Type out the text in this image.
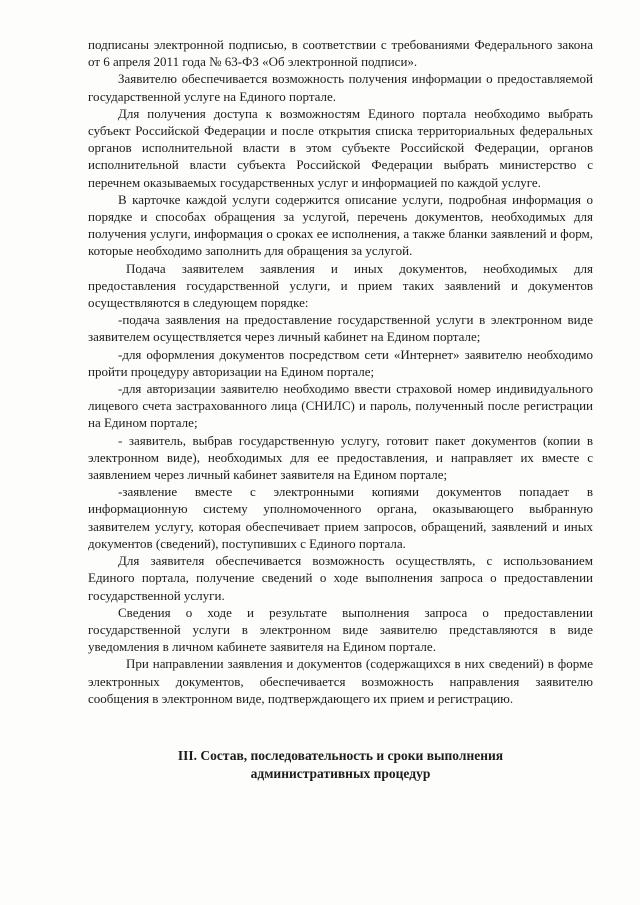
подписаны электронной подписью, в соответствии с требованиями Федерального закона от 6 апреля 2011 года № 63-ФЗ «Об электронной подписи».

Заявителю обеспечивается возможность получения информации о предоставляемой государственной услуге на Единого портале.

Для получения доступа к возможностям Единого портала необходимо выбрать субъект Российской Федерации и после открытия списка территориальных федеральных органов исполнительной власти в этом субъекте Российской Федерации, органов исполнительной власти субъекта Российской Федерации выбрать министерство с перечнем оказываемых государственных услуг и информацией по каждой услуге.

В карточке каждой услуги содержится описание услуги, подробная информация о порядке и способах обращения за услугой, перечень документов, необходимых для получения услуги, информация о сроках ее исполнения, а также бланки заявлений и форм, которые необходимо заполнить для обращения за услугой.

Подача заявителем заявления и иных документов, необходимых для предоставления государственной услуги, и прием таких заявлений и документов осуществляются в следующем порядке:

-подача заявления на предоставление государственной услуги в электронном виде заявителем осуществляется через личный кабинет на Едином портале;

-для оформления документов посредством сети «Интернет» заявителю необходимо пройти процедуру авторизации на Едином портале;

-для авторизации заявителю необходимо ввести страховой номер индивидуального лицевого счета застрахованного лица (СНИЛС) и пароль, полученный после регистрации на Едином портале;

- заявитель, выбрав государственную услугу, готовит пакет документов (копии в электронном виде), необходимых для ее предоставления, и направляет их вместе с заявлением через личный кабинет заявителя на Едином портале;

-заявление вместе с электронными копиями документов попадает в информационную систему уполномоченного органа, оказывающего выбранную заявителем услугу, которая обеспечивает прием запросов, обращений, заявлений и иных документов (сведений), поступивших с Единого портала.

Для заявителя обеспечивается возможность осуществлять, с использованием Единого портала, получение сведений о ходе выполнения запроса о предоставлении государственной услуги.

Сведения о ходе и результате выполнения запроса о предоставлении государственной услуги в электронном виде заявителю представляются в виде уведомления в личном кабинете заявителя на Едином портале.

При направлении заявления и документов (содержащихся в них сведений) в форме электронных документов, обеспечивается возможность направления заявителю сообщения в электронном виде, подтверждающего их прием и регистрацию.

III. Состав, последовательность и сроки выполнения
административных процедур
